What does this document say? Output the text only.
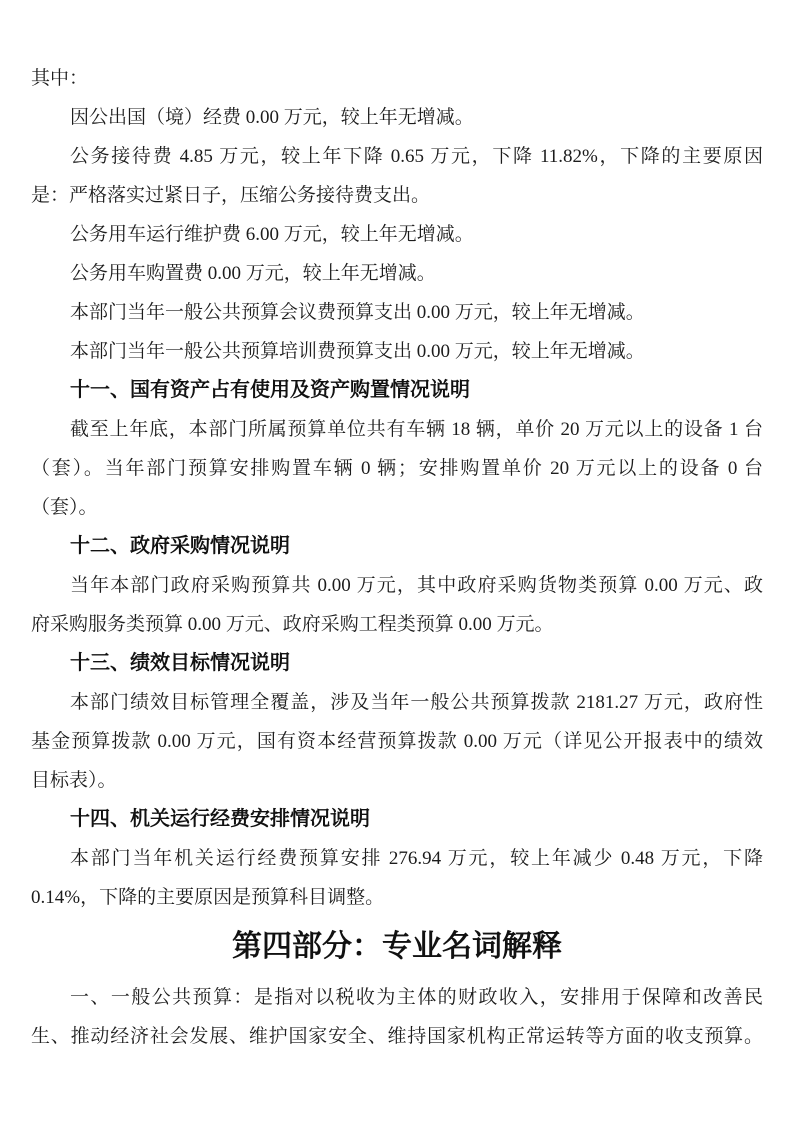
其中：
因公出国（境）经费 0.00 万元，较上年无增减。
公务接待费 4.85 万元，较上年下降 0.65 万元，下降 11.82%，下降的主要原因
是：严格落实过紧日子，压缩公务接待费支出。
公务用车运行维护费 6.00 万元，较上年无增减。
公务用车购置费 0.00 万元，较上年无增减。
本部门当年一般公共预算会议费预算支出 0.00 万元，较上年无增减。
本部门当年一般公共预算培训费预算支出 0.00 万元，较上年无增减。
十一、国有资产占有使用及资产购置情况说明
截至上年底，本部门所属预算单位共有车辆 18 辆，单价 20 万元以上的设备 1 台
（套）。当年部门预算安排购置车辆 0 辆；安排购置单价 20 万元以上的设备 0 台
（套）。
十二、政府采购情况说明
当年本部门政府采购预算共 0.00 万元，其中政府采购货物类预算 0.00 万元、政
府采购服务类预算 0.00 万元、政府采购工程类预算 0.00 万元。
十三、绩效目标情况说明
本部门绩效目标管理全覆盖，涉及当年一般公共预算拨款 2181.27 万元，政府性
基金预算拨款 0.00 万元，国有资本经营预算拨款 0.00 万元（详见公开报表中的绩效
目标表）。
十四、机关运行经费安排情况说明
本部门当年机关运行经费预算安排 276.94 万元，较上年减少 0.48 万元，下降
0.14%，下降的主要原因是预算科目调整。
第四部分：专业名词解释
一、一般公共预算：是指对以税收为主体的财政收入，安排用于保障和改善民
生、推动经济社会发展、维护国家安全、维持国家机构正常运转等方面的收支预算。
